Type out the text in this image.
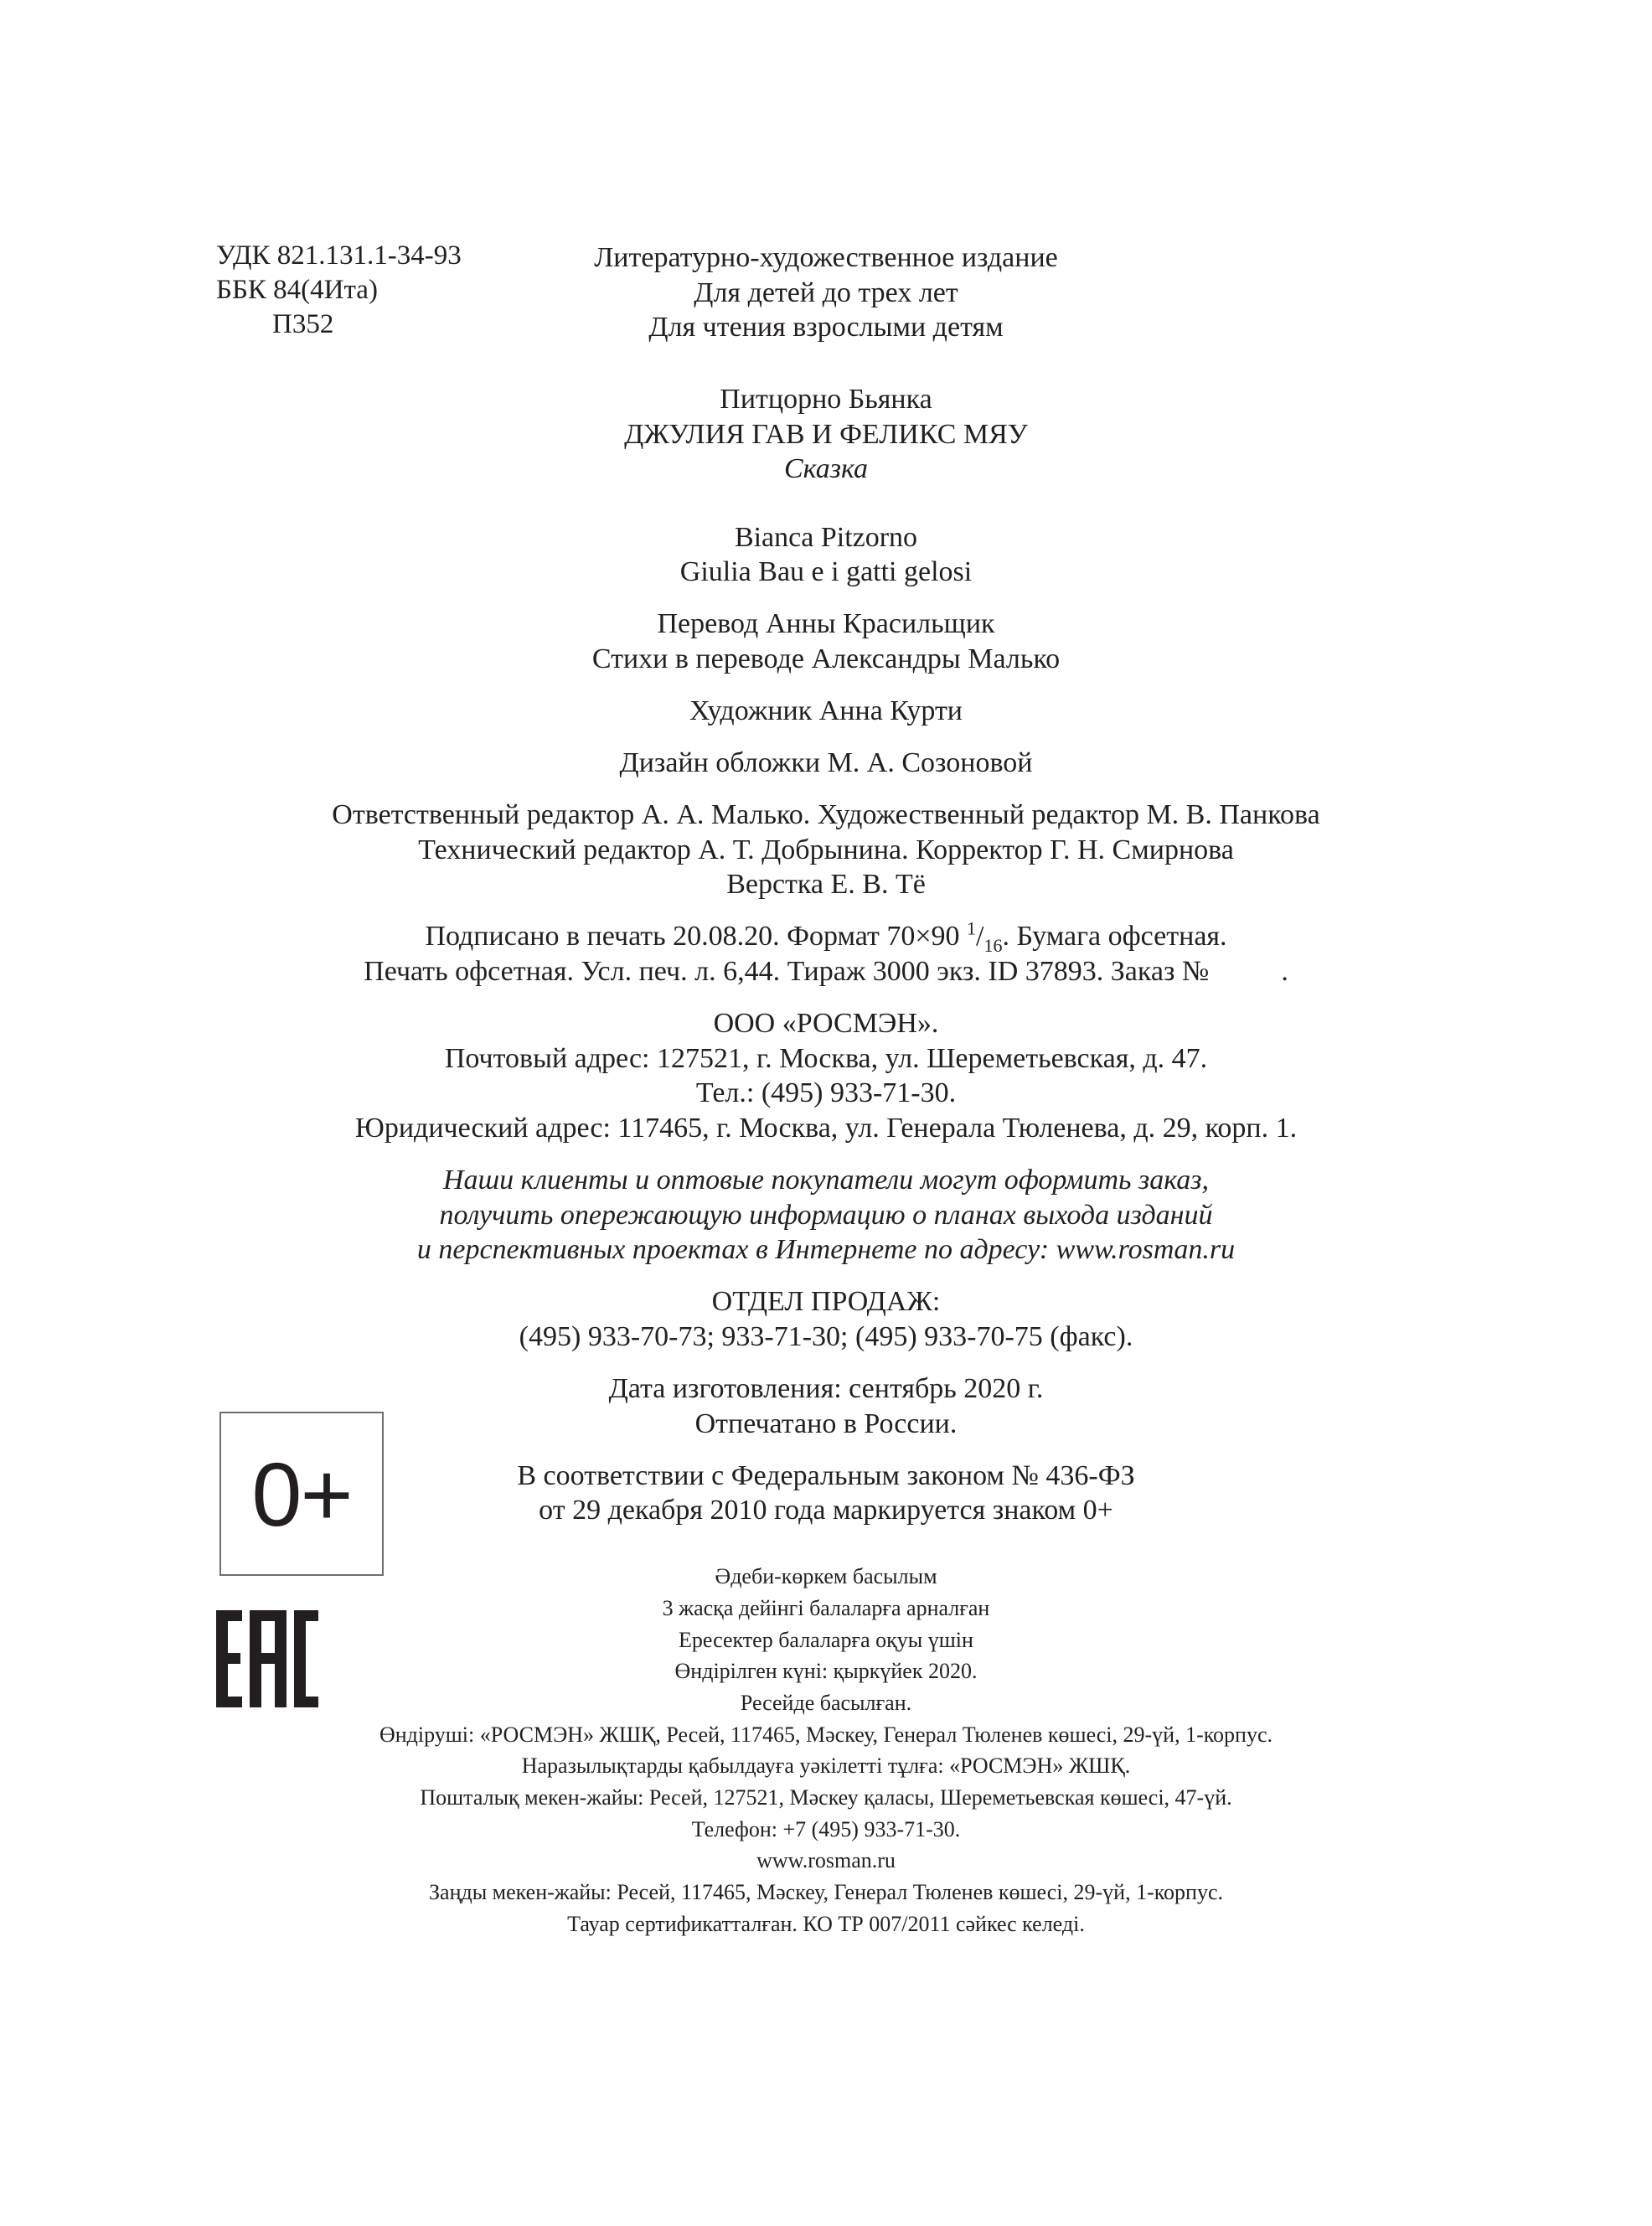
УДК 821.131.1-34-93
ББК 84(4Ита)
П352

Литературно-художественное издание

Для детей до трех лет

Для чтения взрослыми детям

Питцорно Бьянка

ДЖУЛИЯ ГАВ И ФЕЛИКС МЯУ

Сказка

Bianca Pitzorno

Giulia Bau e i gatti gelosi

Перевод Анны Красильщик

Стихи в переводе Александры Малько

Художник Анна Курти

Дизайн обложки М. А. Созоновой

Ответственный редактор А. А. Малько. Художественный редактор М. В. Панкова

Технический редактор А. Т. Добрынина. Корректор Г. Н. Смирнова

Верстка Е. В. Тё

Подписано в печать 20.08.20. Формат 70×90 $^1/_{16}$. Бумага офсетная.

Печать офсетная. Усл. печ. л. 6,44. Тираж 3000 экз. ID 37893. Заказ №	.

ООО «РОСМЭН».

Почтовый адрес: 127521, г. Москва, ул. Шереметьевская, д. 47.

Тел.: (495) 933-71-30.

Юридический адрес: 117465, г. Москва, ул. Генерала Тюленева, д. 29, корп. 1.

Наши клиенты и оптовые покупатели могут оформить заказ,

получить опережающую информацию о планах выхода изданий

и перспективных проектах в Интернете по адресу: www.rosman.ru

ОТДЕЛ ПРОДАЖ:

(495) 933-70-73; 933-71-30; (495) 933-70-75 (факс).

Дата изготовления: сентябрь 2020 г.

Отпечатано в России.

В соответствии с Федеральным законом № 436-ФЗ

от 29 декабря 2010 года маркируется знаком 0+

Әдеби-көркем басылым

3 жасқа дейінгі балаларға арналған

Ересектер балаларға оқуы үшін

Өндірілген күні: қыркүйек 2020.

Ресейде басылған.

Өндіруші: «РОСМЭН» ЖШҚ, Ресей, 117465, Мәскеу, Генерал Тюленев көшесі, 29-үй, 1-корпус.

Наразылықтарды қабылдауға уәкілетті тұлға: «РОСМЭН» ЖШҚ.

Пошталық мекен-жайы: Ресей, 127521, Мәскеу қаласы, Шереметьевская көшесі, 47-үй.

Телефон: +7 (495) 933-71-30.

www.rosman.ru

Заңды мекен-жайы: Ресей, 117465, Мәскеу, Генерал Тюленев көшесі, 29-үй, 1-корпус.

Тауар сертификатталған. КО ТР 007/2011 сәйкес келеді.

0+
